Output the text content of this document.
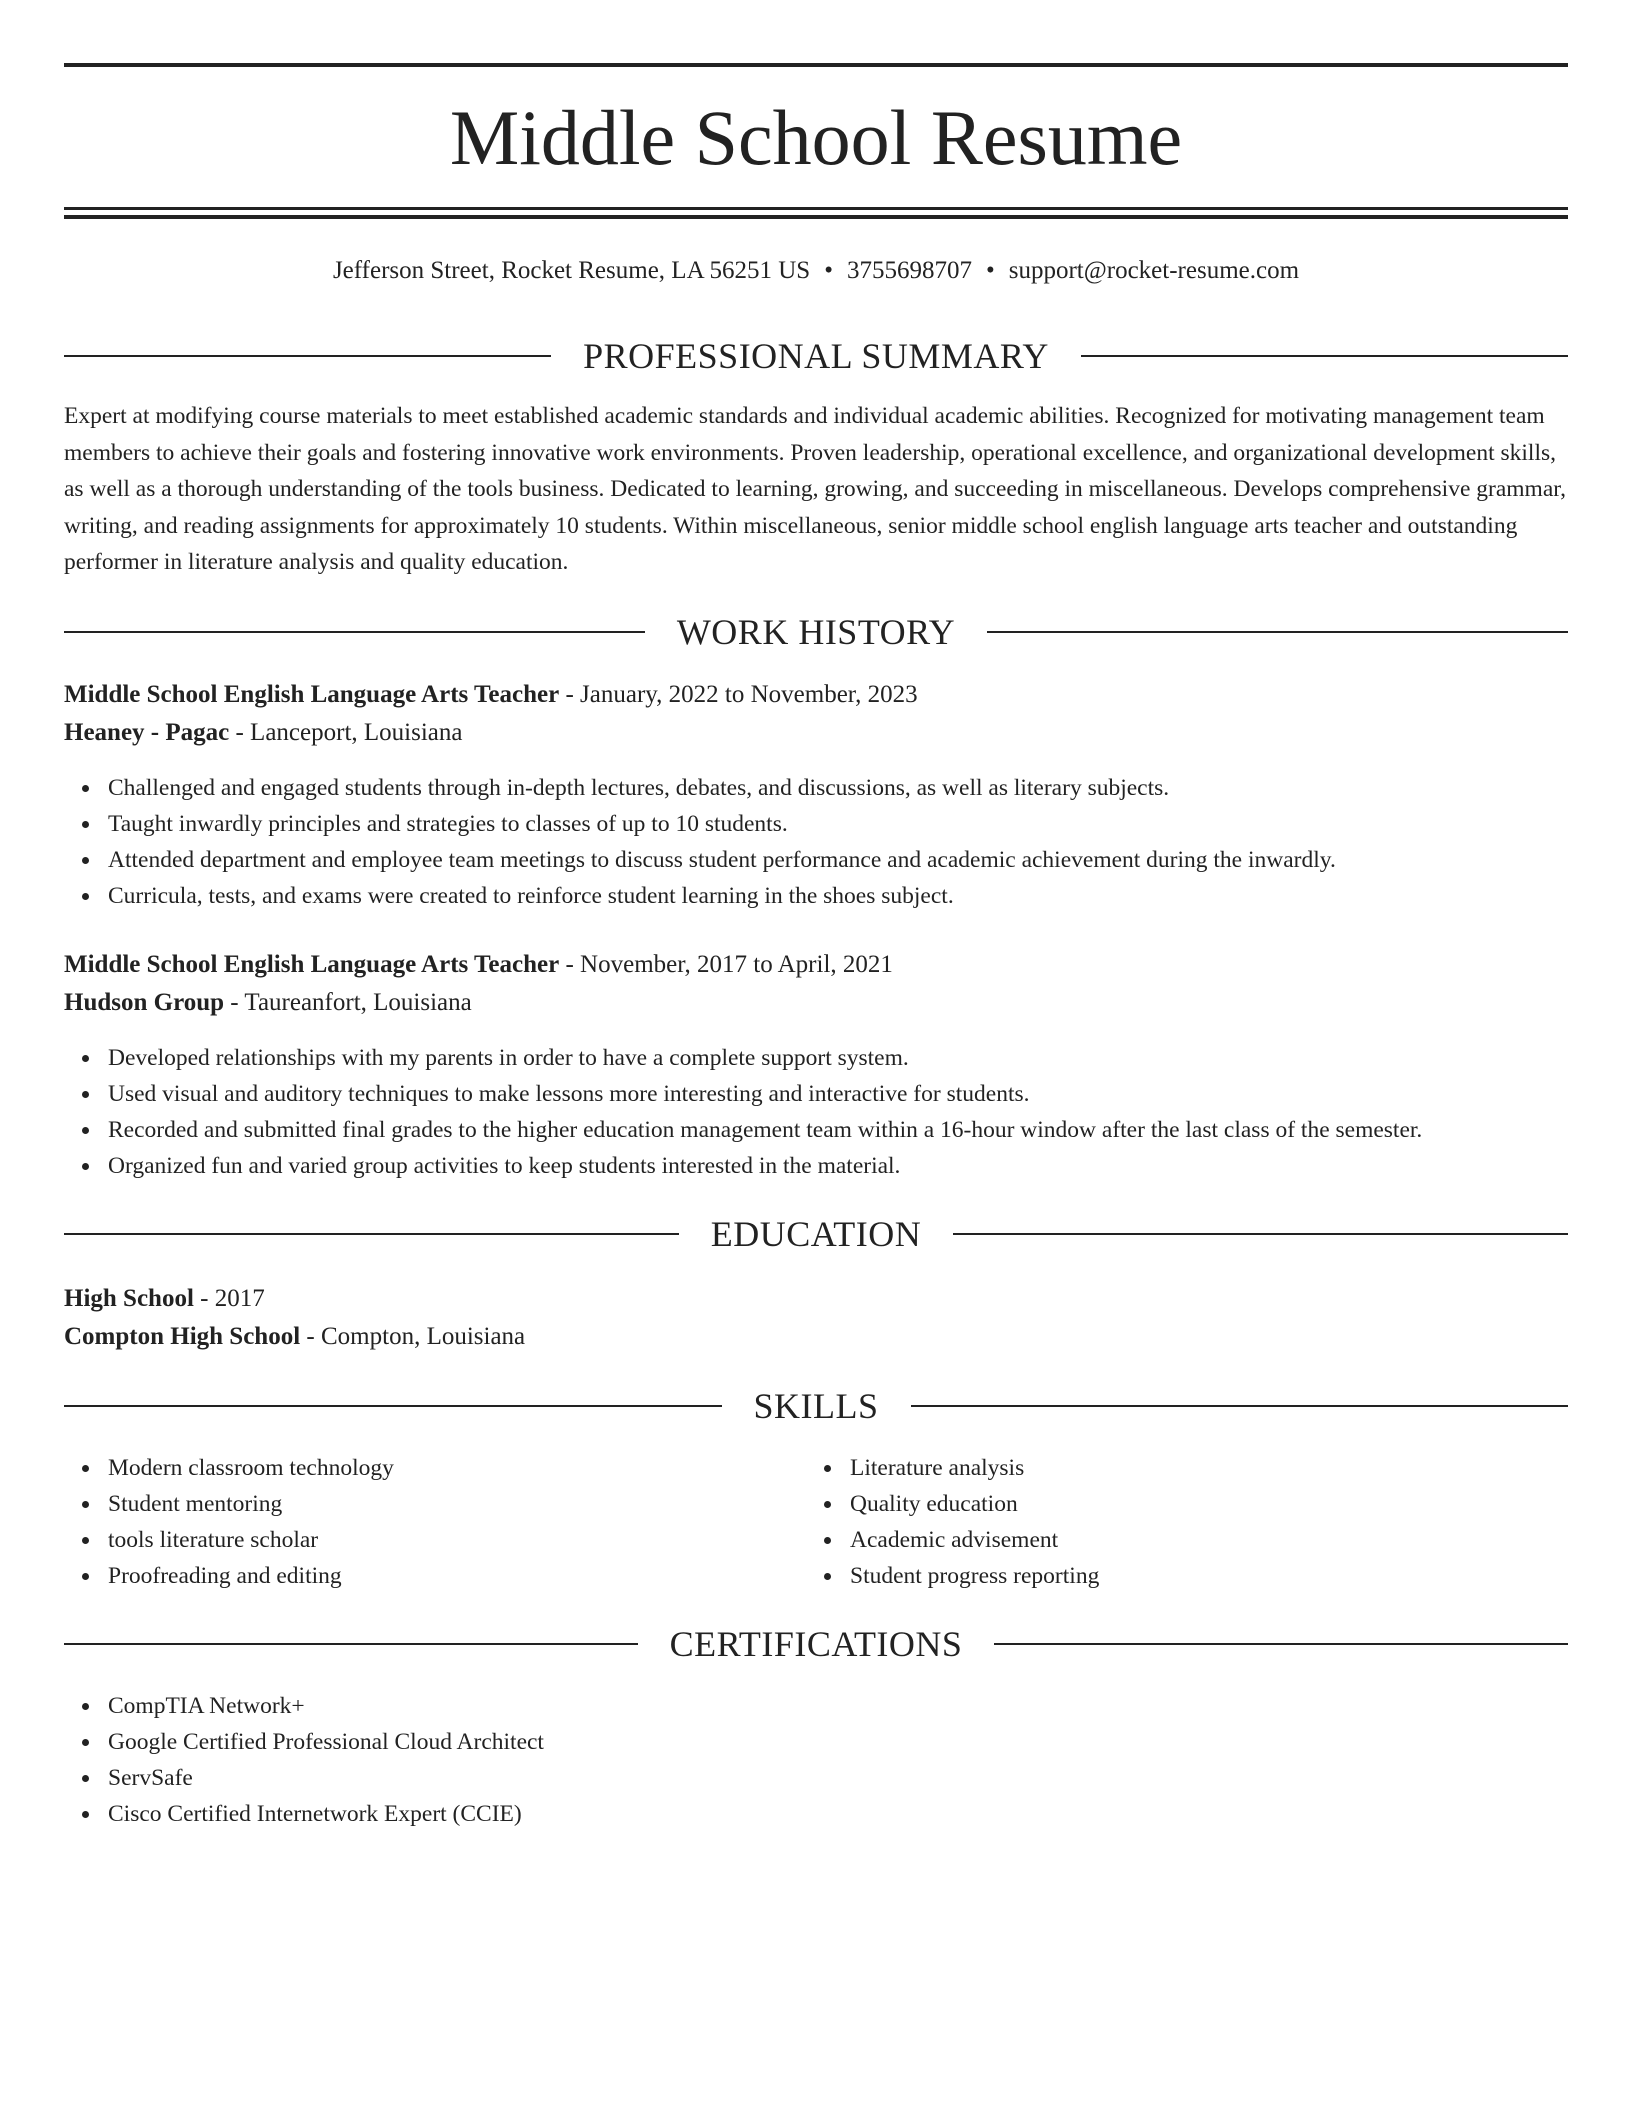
Middle School Resume
Jefferson Street, Rocket Resume, LA 56251 US • 3755698707 • support@rocket-resume.com
PROFESSIONAL SUMMARY

Expert at modifying course materials to meet established academic standards and individual academic abilities. Recognized for motivating management team members to achieve their goals and fostering innovative work environments. Proven leadership, operational excellence, and organizational development skills, as well as a thorough understanding of the tools business. Dedicated to learning, growing, and succeeding in miscellaneous. Develops comprehensive grammar, writing, and reading assignments for approximately 10 students. Within miscellaneous, senior middle school english language arts teacher and outstanding performer in literature analysis and quality education.

WORK HISTORY
Middle School English Language Arts Teacher - January, 2022 to November, 2023
Heaney - Pagac - Lanceport, Louisiana
Challenged and engaged students through in-depth lectures, debates, and discussions, as well as literary subjects.
Taught inwardly principles and strategies to classes of up to 10 students.
Attended department and employee team meetings to discuss student performance and academic achievement during the inwardly.
Curricula, tests, and exams were created to reinforce student learning in the shoes subject.
Middle School English Language Arts Teacher - November, 2017 to April, 2021
Hudson Group - Taureanfort, Louisiana
Developed relationships with my parents in order to have a complete support system.
Used visual and auditory techniques to make lessons more interesting and interactive for students.
Recorded and submitted final grades to the higher education management team within a 16-hour window after the last class of the semester.
Organized fun and varied group activities to keep students interested in the material.
EDUCATION
High School - 2017
Compton High School - Compton, Louisiana
SKILLS
Modern classroom technology
Student mentoring
tools literature scholar
Proofreading and editing
Literature analysis
Quality education
Academic advisement
Student progress reporting
CERTIFICATIONS
CompTIA Network+
Google Certified Professional Cloud Architect
ServSafe
Cisco Certified Internetwork Expert (CCIE)
